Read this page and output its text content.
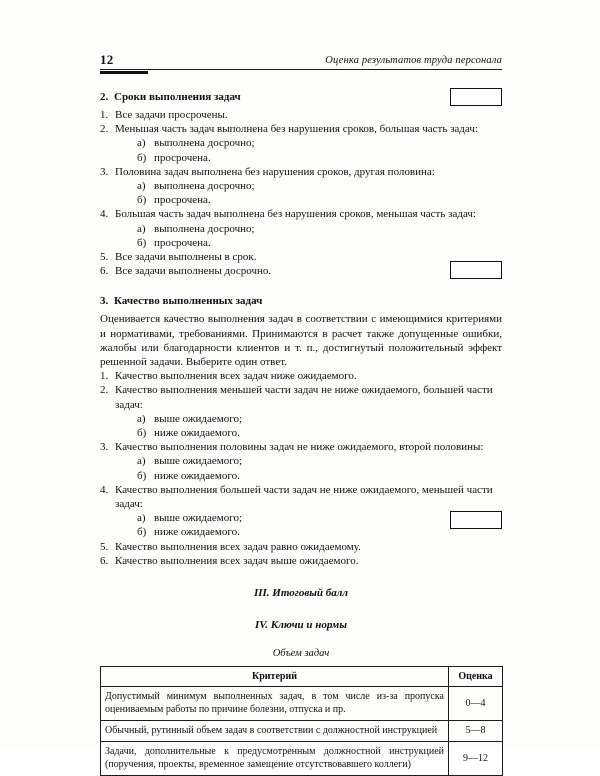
12	Оценка результатов труда персонала
2. Сроки выполнения задач
1. Все задачи просрочены.
2. Меньшая часть задач выполнена без нарушения сроков, большая часть задач:
а) выполнена досрочно;
б) просрочена.
3. Половина задач выполнена без нарушения сроков, другая половина:
а) выполнена досрочно;
б) просрочена.
4. Большая часть задач выполнена без нарушения сроков, меньшая часть задач:
а) выполнена досрочно;
б) просрочена.
5. Все задачи выполнены в срок.
6. Все задачи выполнены досрочно.
3. Качество выполненных задач

Оценивается качество выполнения задач в соответствии с имеющимися критериями и нормативами, требованиями. Принимаются в расчет также допущенные ошибки, жалобы или благодарности клиентов и т. п., достигнутый положительный эффект решенной задачи. Выберите один ответ.

1. Качество выполнения всех задач ниже ожидаемого.
2. Качество выполнения меньшей части задач не ниже ожидаемого, большей части задач:
а) выше ожидаемого;
б) ниже ожидаемого.
3. Качество выполнения половины задач не ниже ожидаемого, второй половины:
а) выше ожидаемого;
б) ниже ожидаемого.
4. Качество выполнения большей части задач не ниже ожидаемого, меньшей части задач:
а) выше ожидаемого;
б) ниже ожидаемого.
5. Качество выполнения всех задач равно ожидаемому.
6. Качество выполнения всех задач выше ожидаемого.
III. Итоговый балл
IV. Ключи и нормы
Объем задач
Критерий	Оценка
Допустимый минимум выполненных задач, в том числе из-за пропуска оцениваемым работы по причине болезни, отпуска и пр.	0—4
Обычный, рутинный объем задач в соответствии с должностной инструкцией	5—8
Задачи, дополнительные к предусмотренным должностной инструкцией (поручения, проекты, временное замещение отсутствовавшего коллеги)	9—12
